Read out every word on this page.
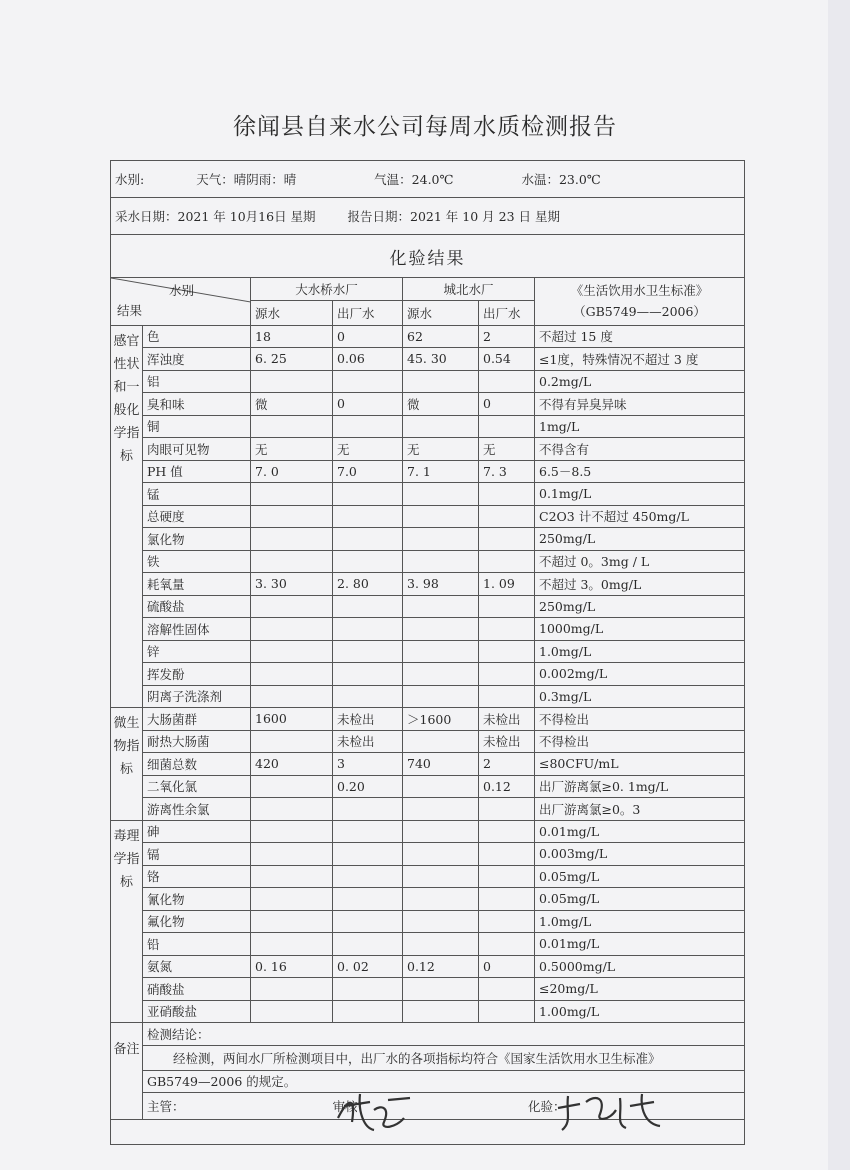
徐闻县自来水公司每周水质检测报告
水别: 天气：晴阴雨：晴 气温：24.0℃ 水温：23.0℃						
采水日期：2021 年 10月16日 星期 报告日期：2021 年 10 月 23 日 星期						
化验结果						

水别
结果		大水桥水厂		城北水厂		《生活饮用水卫生标准》
（GB5749——2006）
		源水	出厂水	源水	出厂水	
感官性状和一般化学指标	色	18	0	62	2	不超过 15 度
	浑浊度	6. 25	0.06	45. 30	0.54	≤1度，特殊情况不超过 3 度
	铝					0.2mg/L
	臭和味	微	0	微	0	不得有异臭异味
	铜					1mg/L
	肉眼可见物	无	无	无	无	不得含有
	PH 值	7. 0	7.0	7. 1	7. 3	6.5－8.5
	锰					0.1mg/L
	总硬度					C2O3 计不超过 450mg/L
	氯化物					250mg/L
	铁					不超过 0。3mg / L
	耗氧量	3. 30	2. 80	3. 98	1. 09	不超过 3。0mg/L
	硫酸盐					250mg/L
	溶解性固体					1000mg/L
	锌					1.0mg/L
	挥发酚					0.002mg/L
	阴离子洗涤剂					0.3mg/L
微生物指标	大肠菌群	1600	未检出	＞1600	未检出	不得检出
	耐热大肠菌		未检出		未检出	不得检出
	细菌总数	420	3	740	2	≤80CFU/mL
	二氧化氯		0.20		0.12	出厂游离氯≥0. 1mg/L
	游离性余氯					出厂游离氯≥0。3
毒理学指标	砷					0.01mg/L
	镉					0.003mg/L
	铬					0.05mg/L
	氰化物					0.05mg/L
	氟化物					1.0mg/L
	铅					0.01mg/L
	氨氮	0. 16	0. 02	0.12	0	0.5000mg/L
	硝酸盐					≤20mg/L
	亚硝酸盐					1.00mg/L
备注	检测结论：					
	经检测，两间水厂所检测项目中，出厂水的各项指标均符合《国家生活饮用水卫生标准》					
	GB5749—2006 的规定。					
	主管： 审核： 化验：					
